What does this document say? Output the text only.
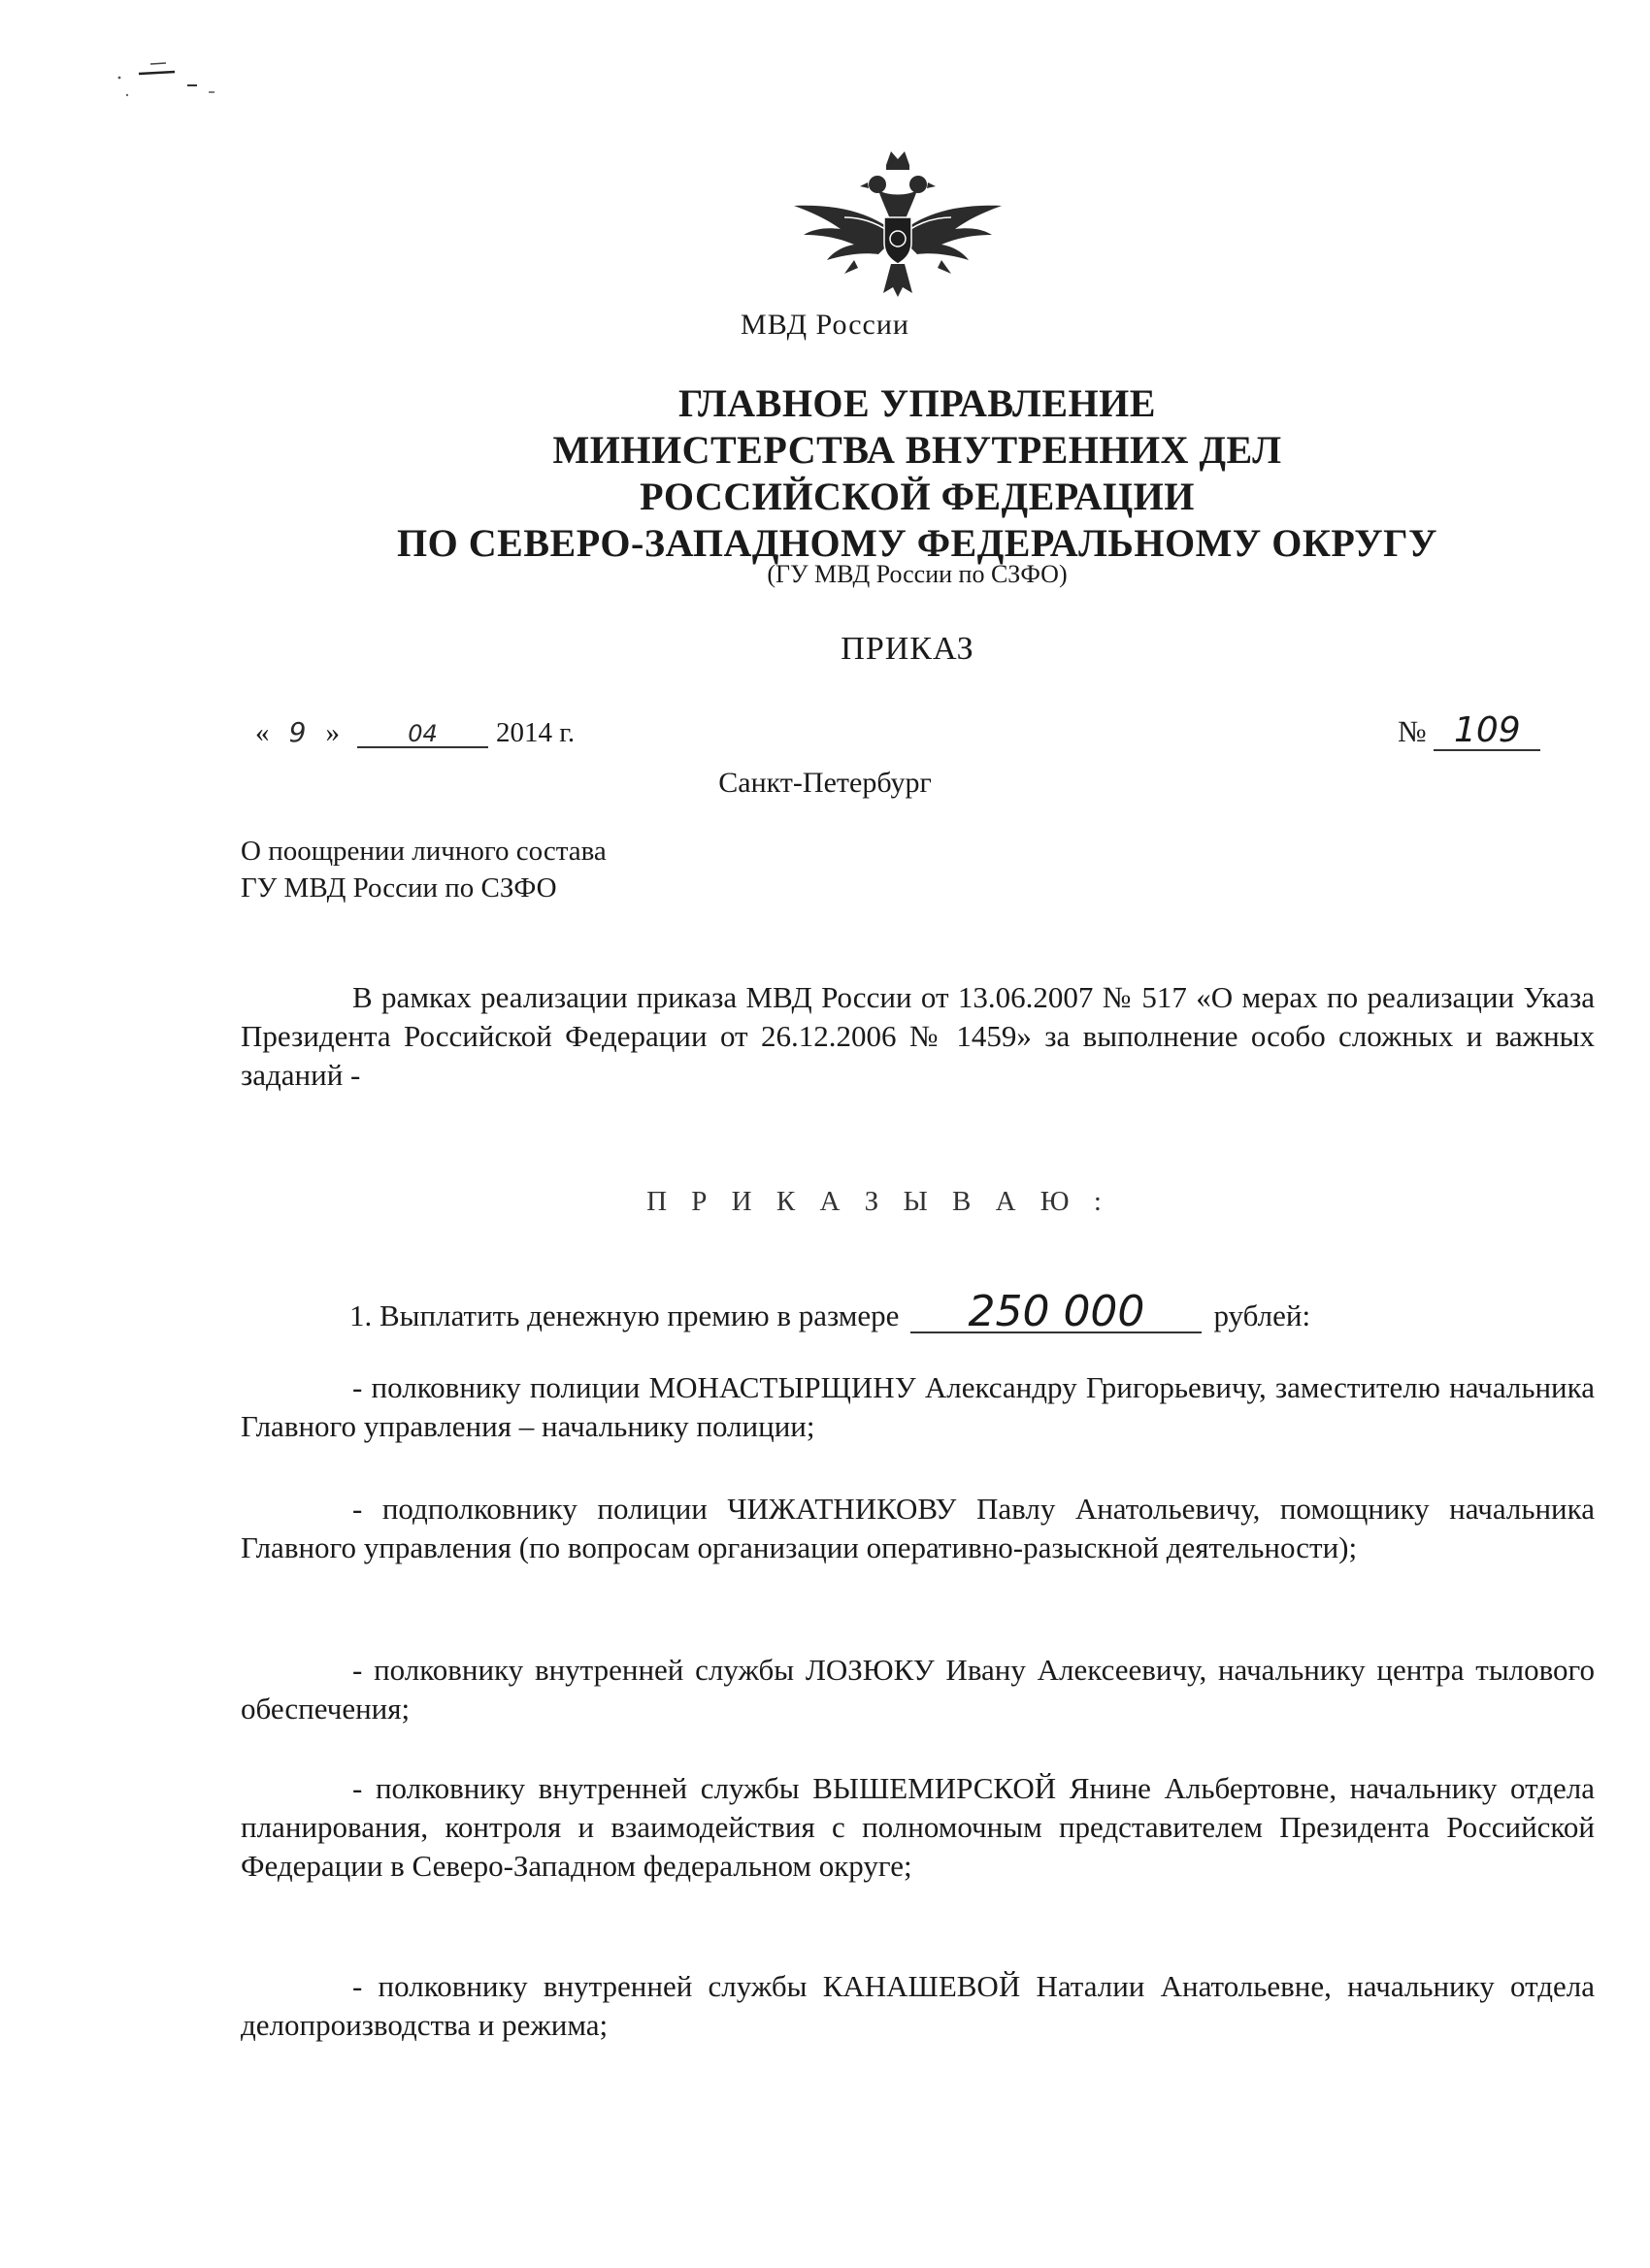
МВД России
ГЛАВНОЕ УПРАВЛЕНИЕ
МИНИСТЕРСТВА ВНУТРЕННИХ ДЕЛ
РОССИЙСКОЙ ФЕДЕРАЦИИ
ПО СЕВЕРО-ЗАПАДНОМУ ФЕДЕРАЛЬНОМУ ОКРУГУ
(ГУ МВД России по СЗФО)
ПРИКАЗ
« 9 »	04 2014 г.	№ 109
Санкт-Петербург
О поощрении личного состава
ГУ МВД России по СЗФО
В рамках реализации приказа МВД России от 13.06.2007 № 517 «О мерах по реализации Указа Президента Российской Федерации от 26.12.2006 № 1459» за выполнение особо сложных и важных заданий -
П Р И К А З Ы В А Ю :
1. Выплатить денежную премию в размере 250 000 рублей:
- полковнику полиции МОНАСТЫРЩИНУ Александру Григорьевичу, заместителю начальника Главного управления – начальнику полиции;
- подполковнику полиции ЧИЖАТНИКОВУ Павлу Анатольевичу, помощнику начальника Главного управления (по вопросам организации оперативно-разыскной деятельности);
- полковнику внутренней службы ЛОЗЮКУ Ивану Алексеевичу, начальнику центра тылового обеспечения;
- полковнику внутренней службы ВЫШЕМИРСКОЙ Янине Альбертовне, начальнику отдела планирования, контроля и взаимодействия с полномочным представителем Президента Российской Федерации в Северо-Западном федеральном округе;
- полковнику внутренней службы КАНАШЕВОЙ Наталии Анатольевне, начальнику отдела делопроизводства и режима;
